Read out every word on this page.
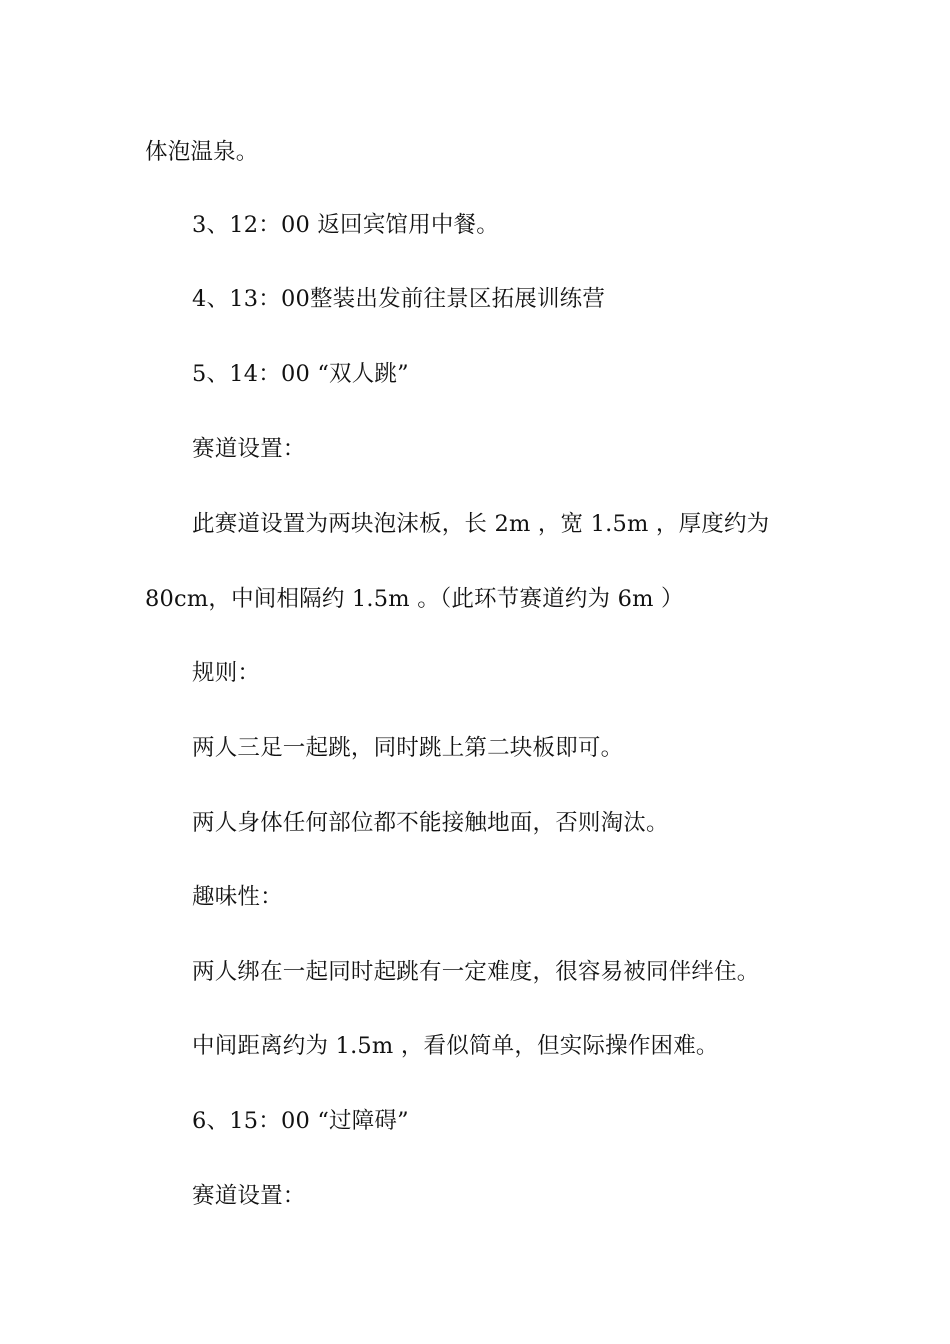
体泡温泉。
3、12：00 返回宾馆用中餐。
4、13：00整装出发前往景区拓展训练营
5、14：00 “双人跳”
赛道设置：
此赛道设置为两块泡沫板，长 2m ，宽 1.5m ，厚度约为
80cm，中间相隔约 1.5m 。（此环节赛道约为 6m ）
规则：
两人三足一起跳，同时跳上第二块板即可。
两人身体任何部位都不能接触地面，否则淘汰。
趣味性：
两人绑在一起同时起跳有一定难度，很容易被同伴绊住。
中间距离约为 1.5m ，看似简单，但实际操作困难。
6、15：00 “过障碍”
赛道设置：
